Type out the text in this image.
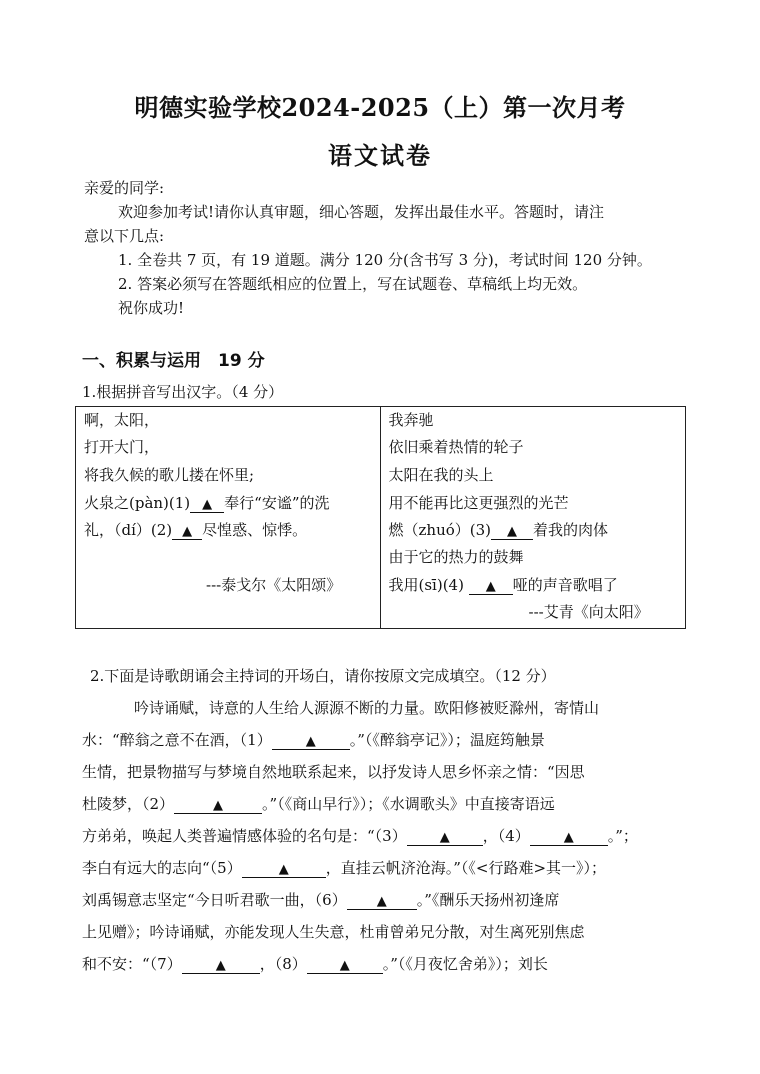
明德实验学校2024-2025（上）第一次月考
语文试卷
亲爱的同学:
欢迎参加考试!请你认真审题，细心答题，发挥出最佳水平。答题时，请注
意以下几点:
1. 全卷共 7 页，有 19 道题。满分 120 分(含书写 3 分)，考试时间 120 分钟。
2. 答案必须写在答题纸相应的位置上，写在试题卷、草稿纸上均无效。
祝你成功!
一、积累与运用　19 分
1.根据拼音写出汉字。（4 分）
啊，太阳，
打开大门，
将我久候的歌儿搂在怀里;
火泉之(pàn)(1) ▲ 奉行“安谧”的洗
礼，（dí）(2) ▲ 尽惶惑、惊悸。
---泰戈尔《太阳颂》

我奔驰
依旧乘着热情的轮子
太阳在我的头上
用不能再比这更强烈的光芒
燃（zhuó）(3) ▲ 着我的肉体
由于它的热力的鼓舞
我用(sī)(4) ▲ 哑的声音歌唱了
---艾青《向太阳》
2.下面是诗歌朗诵会主持词的开场白，请你按原文完成填空。（12 分）
吟诗诵赋，诗意的人生给人源源不断的力量。欧阳修被贬滁州，寄情山
水：“醉翁之意不在酒，（1）	▲ 。”（《醉翁亭记》）；温庭筠触景
生情，把景物描写与梦境自然地联系起来，以抒发诗人思乡怀亲之情：“因思
杜陵梦，（2）	▲	。”（《商山早行》）；《水调歌头》中直接寄语远
方弟弟，唤起人类普遍情感体验的名句是：“（3）	▲ ，（4）	▲ 。”；
李白有远大的志向“（5）	▲ ，直挂云帆济沧海。”（《<行路难>其一》）；
刘禹锡意志坚定“今日听君歌一曲，（6） ▲ 。”《酬乐天扬州初逢席
上见赠》；吟诗诵赋，亦能发现人生失意，杜甫曾弟兄分散，对生离死别焦虑
和不安：“（7）	▲ ，（8）	▲ 。”（《月夜忆舍弟》）；刘长
